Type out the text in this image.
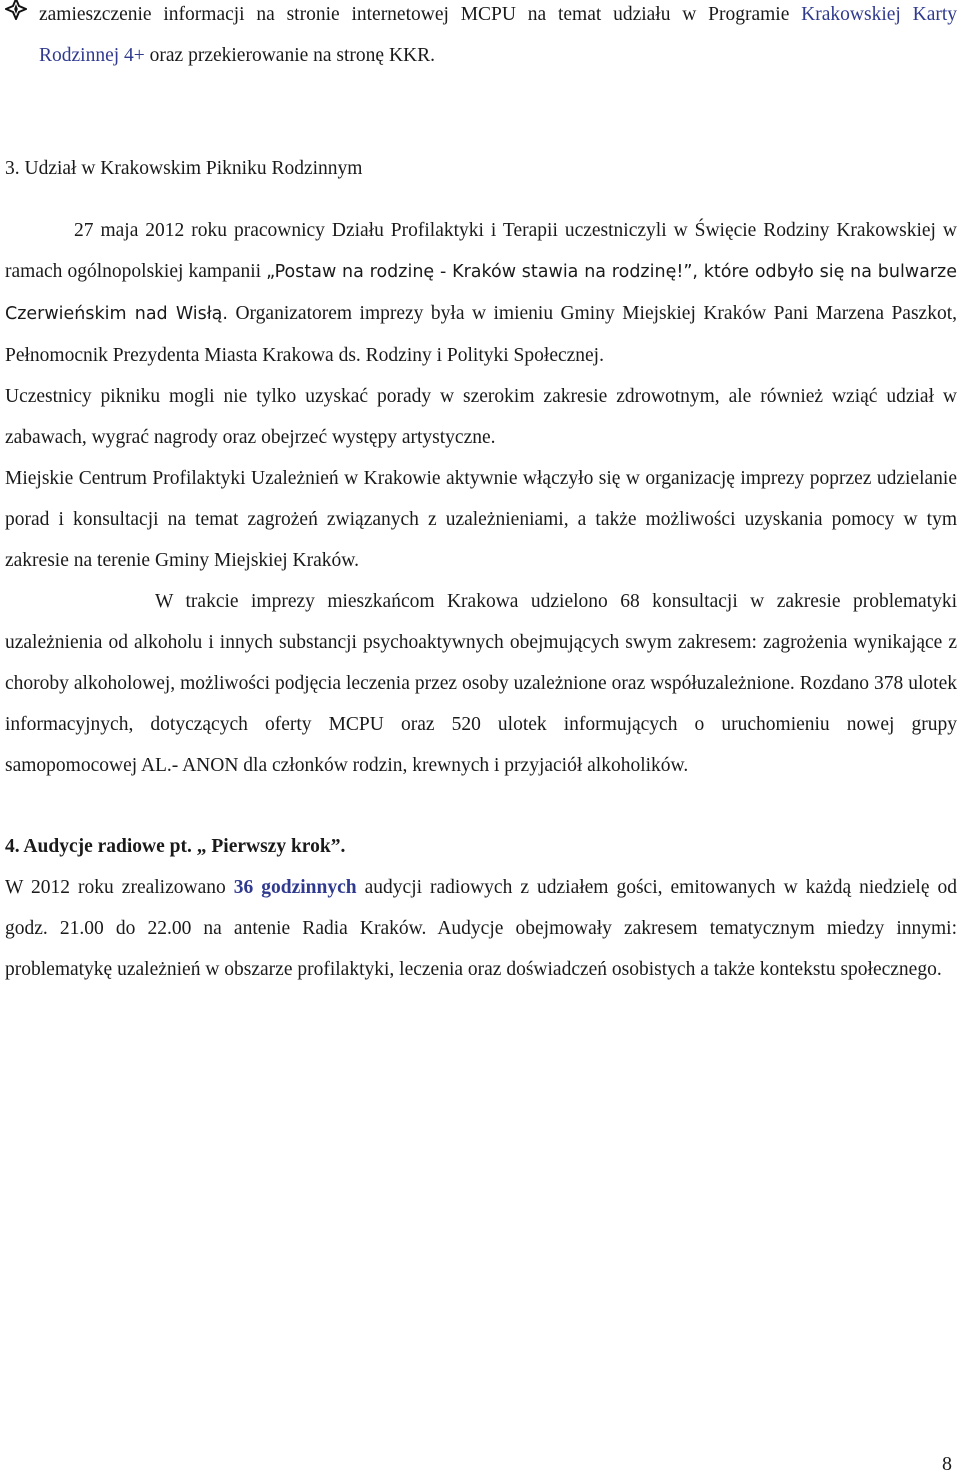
zamieszczenie informacji na stronie internetowej MCPU na temat udziału w Programie Krakowskiej Karty Rodzinnej 4+ oraz przekierowanie na stronę KKR.
3. Udział w Krakowskim Pikniku Rodzinnym

27 maja 2012 roku pracownicy Działu Profilaktyki i Terapii uczestniczyli w Święcie Rodziny Krakowskiej w ramach ogólnopolskiej kampanii „Postaw na rodzinę - Kraków stawia na rodzinę!”, które odbyło się na bulwarze Czerwieńskim nad Wisłą. Organizatorem imprezy była w imieniu Gminy Miejskiej Kraków Pani Marzena Paszkot, Pełnomocnik Prezydenta Miasta Krakowa ds. Rodziny i Polityki Społecznej.

Uczestnicy pikniku mogli nie tylko uzyskać porady w szerokim zakresie zdrowotnym, ale również wziąć udział w zabawach, wygrać nagrody oraz obejrzeć występy artystyczne.

Miejskie Centrum Profilaktyki Uzależnień w Krakowie aktywnie włączyło się w organizację imprezy poprzez udzielanie porad i konsultacji na temat zagrożeń związanych z uzależnieniami, a także możliwości uzyskania pomocy w tym zakresie na terenie Gminy Miejskiej Kraków.

W trakcie imprezy mieszkańcom Krakowa udzielono 68 konsultacji w zakresie problematyki uzależnienia od alkoholu i innych substancji psychoaktywnych obejmujących swym zakresem: zagrożenia wynikające z choroby alkoholowej, możliwości podjęcia leczenia przez osoby uzależnione oraz współuzależnione. Rozdano 378 ulotek informacyjnych, dotyczących oferty MCPU oraz 520 ulotek informujących o uruchomieniu nowej grupy samopomocowej AL.- ANON dla członków rodzin, krewnych i przyjaciół alkoholików.

4. Audycje radiowe pt. „ Pierwszy krok”.

W 2012 roku zrealizowano 36 godzinnych audycji radiowych z udziałem gości, emitowanych w każdą niedzielę od godz. 21.00 do 22.00 na antenie Radia Kraków. Audycje obejmowały zakresem tematycznym miedzy innymi: problematykę uzależnień w obszarze profilaktyki, leczenia oraz doświadczeń osobistych a także kontekstu społecznego.

8
